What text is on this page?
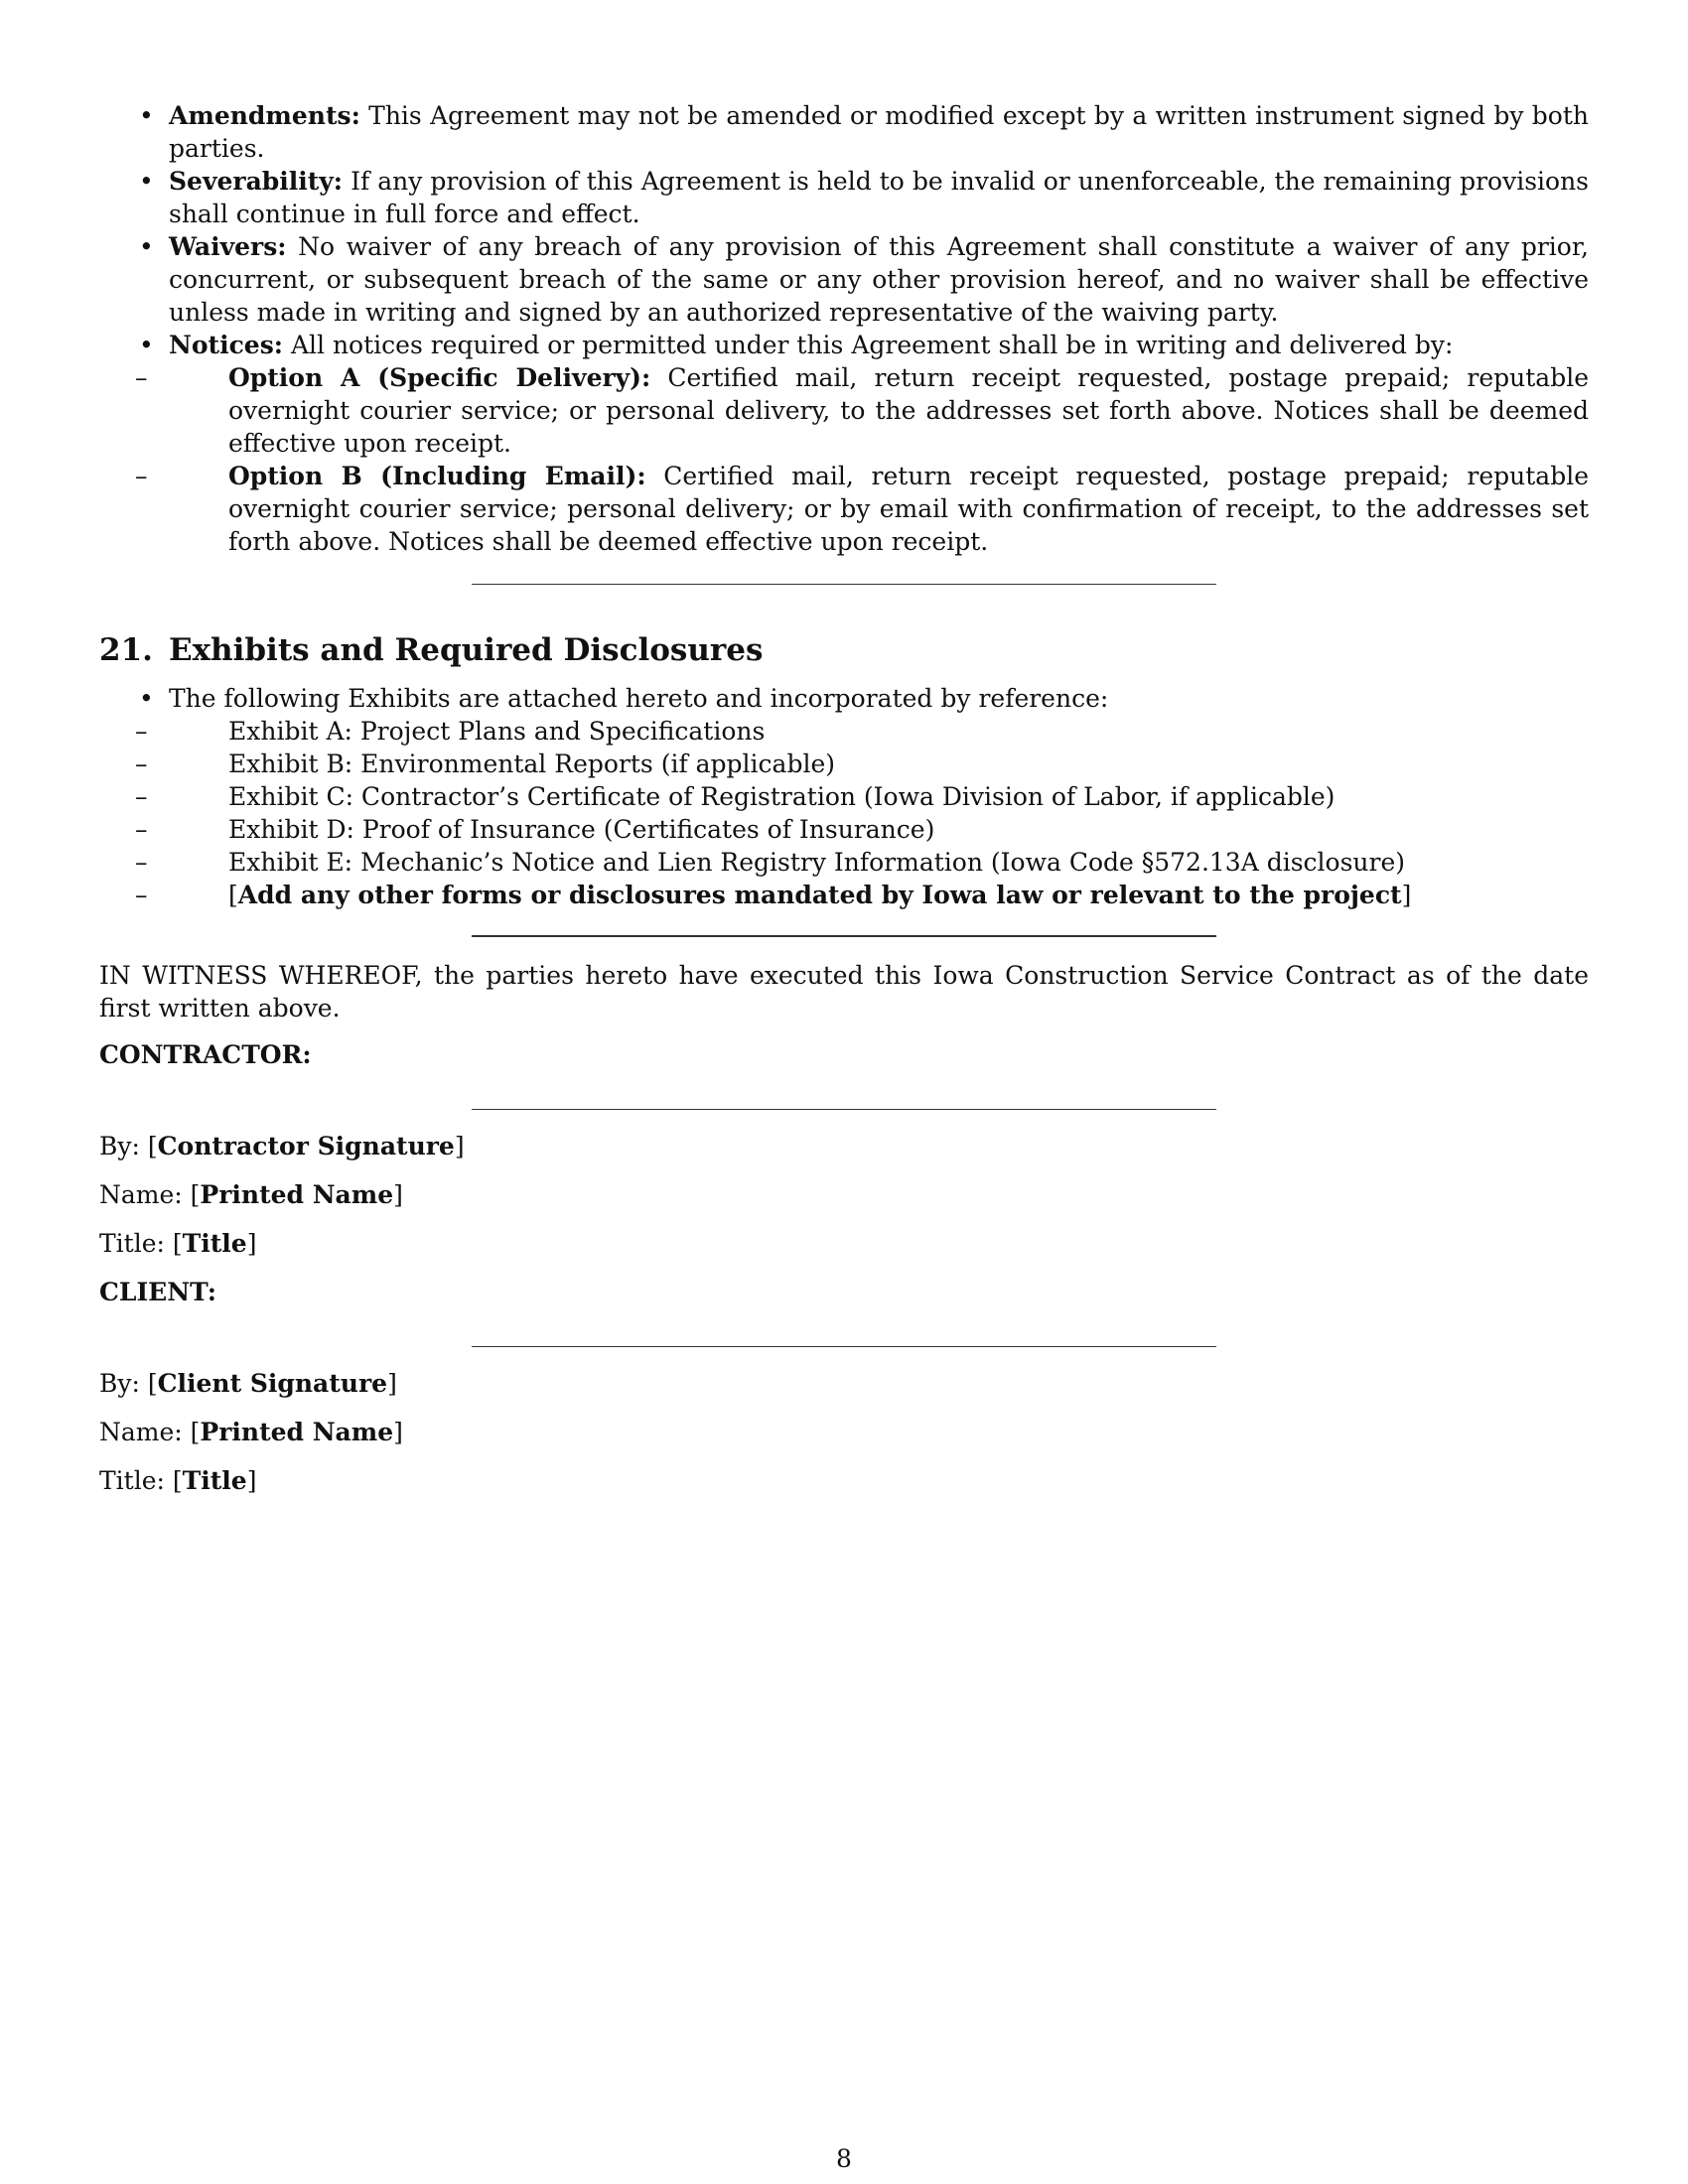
• Amendments: This Agreement may not be amended or modified except by a written instrument signed by both parties.
• Severability: If any provision of this Agreement is held to be invalid or unenforceable, the remaining provisions shall continue in full force and effect.
• Waivers: No waiver of any breach of any provision of this Agreement shall constitute a waiver of any prior, concurrent, or subsequent breach of the same or any other provision hereof, and no waiver shall be effective unless made in writing and signed by an authorized representative of the waiving party.
• Notices: All notices required or permitted under this Agreement shall be in writing and delivered by:
– Option A (Specific Delivery): Certified mail, return receipt requested, postage prepaid; reputable overnight courier service; or personal delivery, to the addresses set forth above. Notices shall be deemed effective upon receipt.
– Option B (Including Email): Certified mail, return receipt requested, postage prepaid; reputable overnight courier service; personal delivery; or by email with confirmation of receipt, to the addresses set forth above. Notices shall be deemed effective upon receipt.
21. Exhibits and Required Disclosures
• The following Exhibits are attached hereto and incorporated by reference:
– Exhibit A: Project Plans and Specifications
– Exhibit B: Environmental Reports (if applicable)
– Exhibit C: Contractor’s Certificate of Registration (Iowa Division of Labor, if applicable)
– Exhibit D: Proof of Insurance (Certificates of Insurance)
– Exhibit E: Mechanic’s Notice and Lien Registry Information (Iowa Code §572.13A disclosure)
– [Add any other forms or disclosures mandated by Iowa law or relevant to the project]

IN WITNESS WHEREOF, the parties hereto have executed this Iowa Construction Service Contract as of the date first written above.

CONTRACTOR:

By: [Contractor Signature]

Name: [Printed Name]

Title: [Title]

CLIENT:

By: [Client Signature]

Name: [Printed Name]

Title: [Title]

8
